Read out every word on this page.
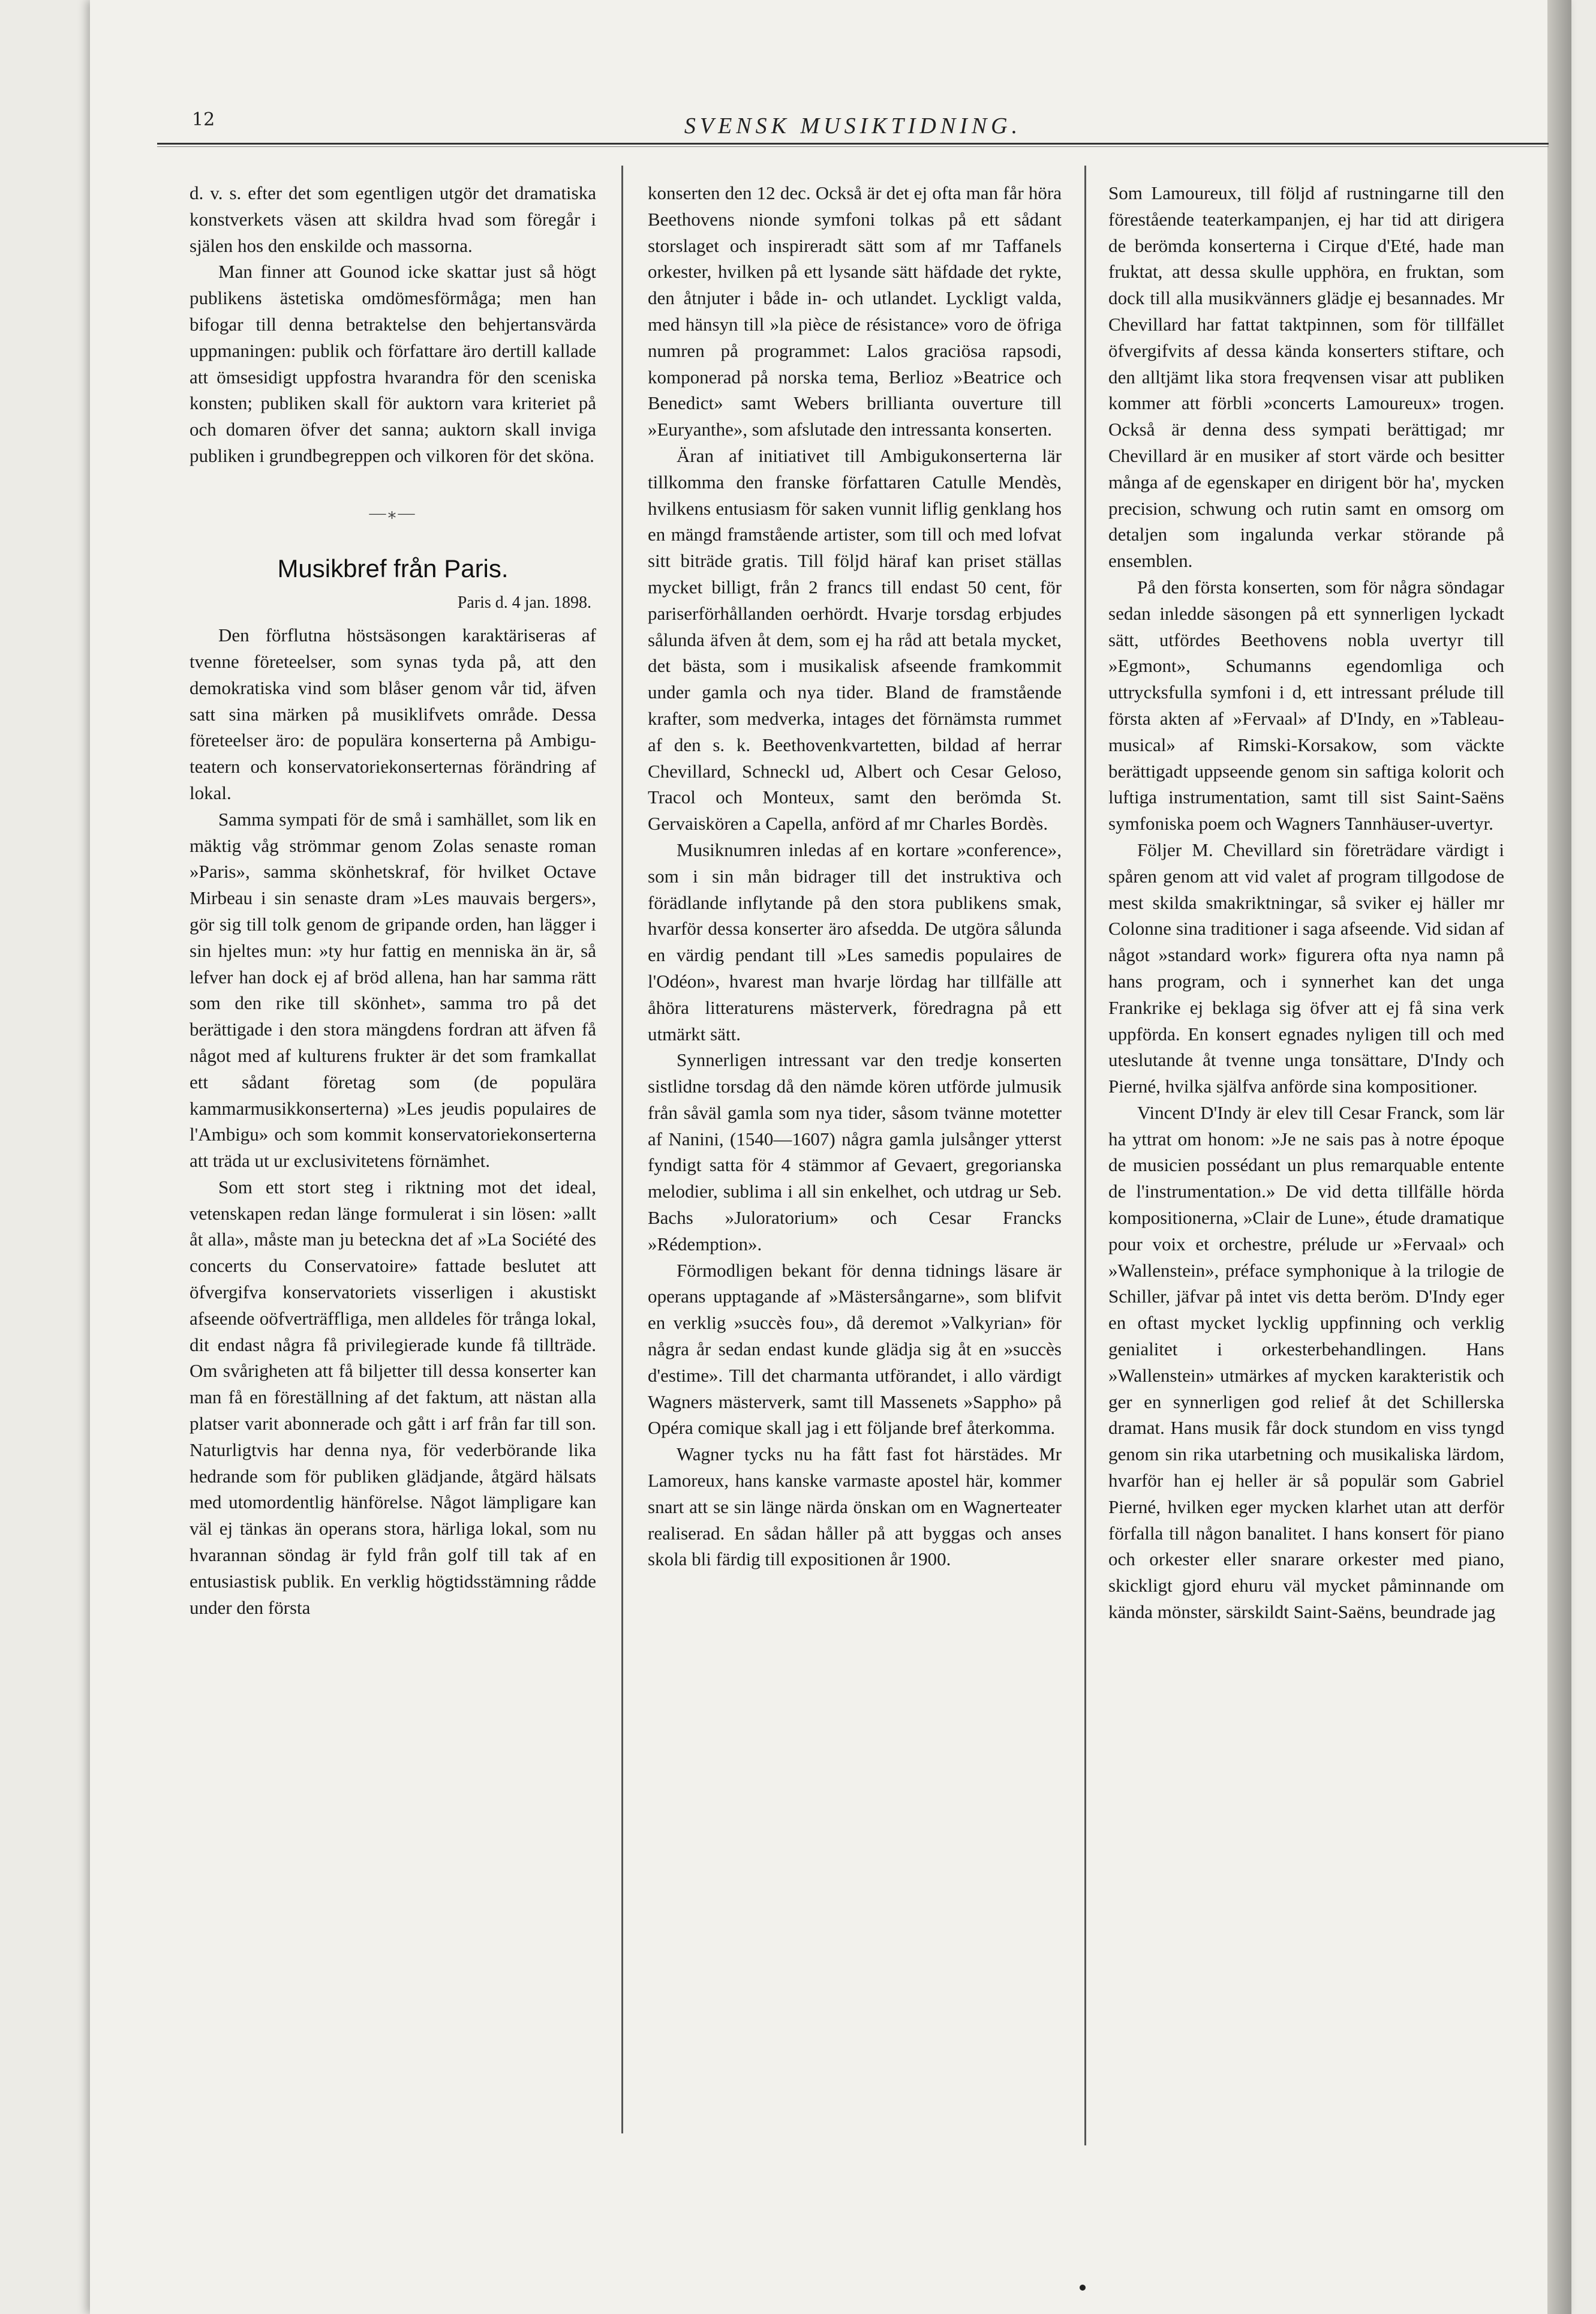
12	SVENSK MUSIKTIDNING.

d. v. s. efter det som egentligen utgör det dramatiska konstverkets väsen att skildra hvad som föregår i själen hos den enskilde och massorna.

Man finner att Gounod icke skattar just så högt publikens ästetiska omdömesförmåga; men han bifogar till denna betraktelse den behjertansvärda uppmaningen: publik och författare äro dertill kallade att ömsesidigt uppfostra hvarandra för den sceniska konsten; publiken skall för auktorn vara kriteriet på och domaren öfver det sanna; auktorn skall inviga publiken i grundbegreppen och vilkoren för det sköna.

—⁎—
Musikbref från Paris.
Paris d. 4 jan. 1898.

Den förflutna höstsäsongen karaktäriseras af tvenne företeelser, som synas tyda på, att den demokratiska vind som blåser genom vår tid, äfven satt sina märken på musiklifvets område. Dessa företeelser äro: de populära konserterna på Ambigu-teatern och konservatoriekonserternas förändring af lokal.

Samma sympati för de små i samhället, som lik en mäktig våg strömmar genom Zolas senaste roman »Paris», samma skönhetskraf, för hvilket Octave Mirbeau i sin senaste dram »Les mauvais bergers», gör sig till tolk genom de gripande orden, han lägger i sin hjeltes mun: »ty hur fattig en menniska än är, så lefver han dock ej af bröd allena, han har samma rätt som den rike till skönhet», samma tro på det berättigade i den stora mängdens fordran att äfven få något med af kulturens frukter är det som framkallat ett sådant företag som (de populära kammarmusikkonserterna) »Les jeudis populaires de l'Ambigu» och som kommit konservatoriekonserterna att träda ut ur exclusivitetens förnämhet.

Som ett stort steg i riktning mot det ideal, vetenskapen redan länge formulerat i sin lösen: »allt åt alla», måste man ju beteckna det af »La Société des concerts du Conservatoire» fattade beslutet att öfvergifva konservatoriets visserligen i akustiskt afseende oöfverträffliga, men alldeles för trånga lokal, dit endast några få privilegierade kunde få tillträde. Om svårigheten att få biljetter till dessa konserter kan man få en föreställning af det faktum, att nästan alla platser varit abonnerade och gått i arf från far till son. Naturligtvis har denna nya, för vederbörande lika hedrande som för publiken glädjande, åtgärd hälsats med utomordentlig hänförelse. Något lämpligare kan väl ej tänkas än operans stora, härliga lokal, som nu hvarannan söndag är fyld från golf till tak af en entusiastisk publik. En verklig högtidsstämning rådde under den första

konserten den 12 dec. Också är det ej ofta man får höra Beethovens nionde symfoni tolkas på ett sådant storslaget och inspireradt sätt som af mr Taffanels orkester, hvilken på ett lysande sätt häfdade det rykte, den åtnjuter i både in- och utlandet. Lyckligt valda, med hänsyn till »la pièce de résistance» voro de öfriga numren på programmet: Lalos graciösa rapsodi, komponerad på norska tema, Berlioz »Beatrice och Benedict» samt Webers brillianta ouverture till »Euryanthe», som afslutade den intressanta konserten.

Äran af initiativet till Ambigukonserterna lär tillkomma den franske författaren Catulle Mendès, hvilkens entusiasm för saken vunnit liflig genklang hos en mängd framstående artister, som till och med lofvat sitt biträde gratis. Till följd häraf kan priset ställas mycket billigt, från 2 francs till endast 50 cent, för pariserförhållanden oerhördt. Hvarje torsdag erbjudes sålunda äfven åt dem, som ej ha råd att betala mycket, det bästa, som i musikalisk afseende framkommit under gamla och nya tider. Bland de framstående krafter, som medverka, intages det förnämsta rummet af den s. k. Beethovenkvartetten, bildad af herrar Chevillard, Schneckl ud, Albert och Cesar Geloso, Tracol och Monteux, samt den berömda St. Gervaiskören a Capella, anförd af mr Charles Bordès.

Musiknumren inledas af en kortare »conference», som i sin mån bidrager till det instruktiva och förädlande inflytande på den stora publikens smak, hvarför dessa konserter äro afsedda. De utgöra sålunda en värdig pendant till »Les samedis populaires de l'Odéon», hvarest man hvarje lördag har tillfälle att åhöra litteraturens mästerverk, föredragna på ett utmärkt sätt.

Synnerligen intressant var den tredje konserten sistlidne torsdag då den nämde kören utförde julmusik från såväl gamla som nya tider, såsom tvänne motetter af Nanini, (1540—1607) några gamla julsånger ytterst fyndigt satta för 4 stämmor af Gevaert, gregorianska melodier, sublima i all sin enkelhet, och utdrag ur Seb. Bachs »Juloratorium» och Cesar Francks »Rédemption».

Förmodligen bekant för denna tidnings läsare är operans upptagande af »Mästersångarne», som blifvit en verklig »succès fou», då deremot »Valkyrian» för några år sedan endast kunde glädja sig åt en »succès d'estime». Till det charmanta utförandet, i allo värdigt Wagners mästerverk, samt till Massenets »Sappho» på Opéra comique skall jag i ett följande bref återkomma.

Wagner tycks nu ha fått fast fot härstädes. Mr Lamoreux, hans kanske varmaste apostel här, kommer snart att se sin länge närda önskan om en Wagnerteater realiserad. En sådan håller på att byggas och anses skola bli färdig till expositionen år 1900.

Som Lamoureux, till följd af rustningarne till den förestående teaterkampanjen, ej har tid att dirigera de berömda konserterna i Cirque d'Eté, hade man fruktat, att dessa skulle upphöra, en fruktan, som dock till alla musikvänners glädje ej besannades. Mr Chevillard har fattat taktpinnen, som för tillfället öfvergifvits af dessa kända konserters stiftare, och den alltjämt lika stora freqvensen visar att publiken kommer att förbli »concerts Lamoureux» trogen. Också är denna dess sympati berättigad; mr Chevillard är en musiker af stort värde och besitter många af de egenskaper en dirigent bör ha', mycken precision, schwung och rutin samt en omsorg om detaljen som ingalunda verkar störande på ensemblen.

På den första konserten, som för några söndagar sedan inledde säsongen på ett synnerligen lyckadt sätt, utfördes Beethovens nobla uvertyr till »Egmont», Schumanns egendomliga och uttrycksfulla symfoni i d, ett intressant prélude till första akten af »Fervaal» af D'Indy, en »Tableau-musical» af Rimski-Korsakow, som väckte berättigadt uppseende genom sin saftiga kolorit och luftiga instrumentation, samt till sist Saint-Saëns symfoniska poem och Wagners Tannhäuser-uvertyr.

Följer M. Chevillard sin företrädare värdigt i spåren genom att vid valet af program tillgodose de mest skilda smakriktningar, så sviker ej häller mr Colonne sina traditioner i saga afseende. Vid sidan af något »standard work» figurera ofta nya namn på hans program, och i synnerhet kan det unga Frankrike ej beklaga sig öfver att ej få sina verk uppförda. En konsert egnades nyligen till och med uteslutande åt tvenne unga tonsättare, D'Indy och Pierné, hvilka själfva anförde sina kompositioner.

Vincent D'Indy är elev till Cesar Franck, som lär ha yttrat om honom: »Je ne sais pas à notre époque de musicien possédant un plus remarquable entente de l'instrumentation.» De vid detta tillfälle hörda kompositionerna, »Clair de Lune», étude dramatique pour voix et orchestre, prélude ur »Fervaal» och »Wallenstein», préface symphonique à la trilogie de Schiller, jäfvar på intet vis detta beröm. D'Indy eger en oftast mycket lycklig uppfinning och verklig genialitet i orkesterbehandlingen. Hans »Wallenstein» utmärkes af mycken karakteristik och ger en synnerligen god relief åt det Schillerska dramat. Hans musik får dock stundom en viss tyngd genom sin rika utarbetning och musikaliska lärdom, hvarför han ej heller är så populär som Gabriel Pierné, hvilken eger mycken klarhet utan att derför förfalla till någon banalitet. I hans konsert för piano och orkester eller snarare orkester med piano, skickligt gjord ehuru väl mycket påminnande om kända mönster, särskildt Saint-Saëns, beundrade jag
